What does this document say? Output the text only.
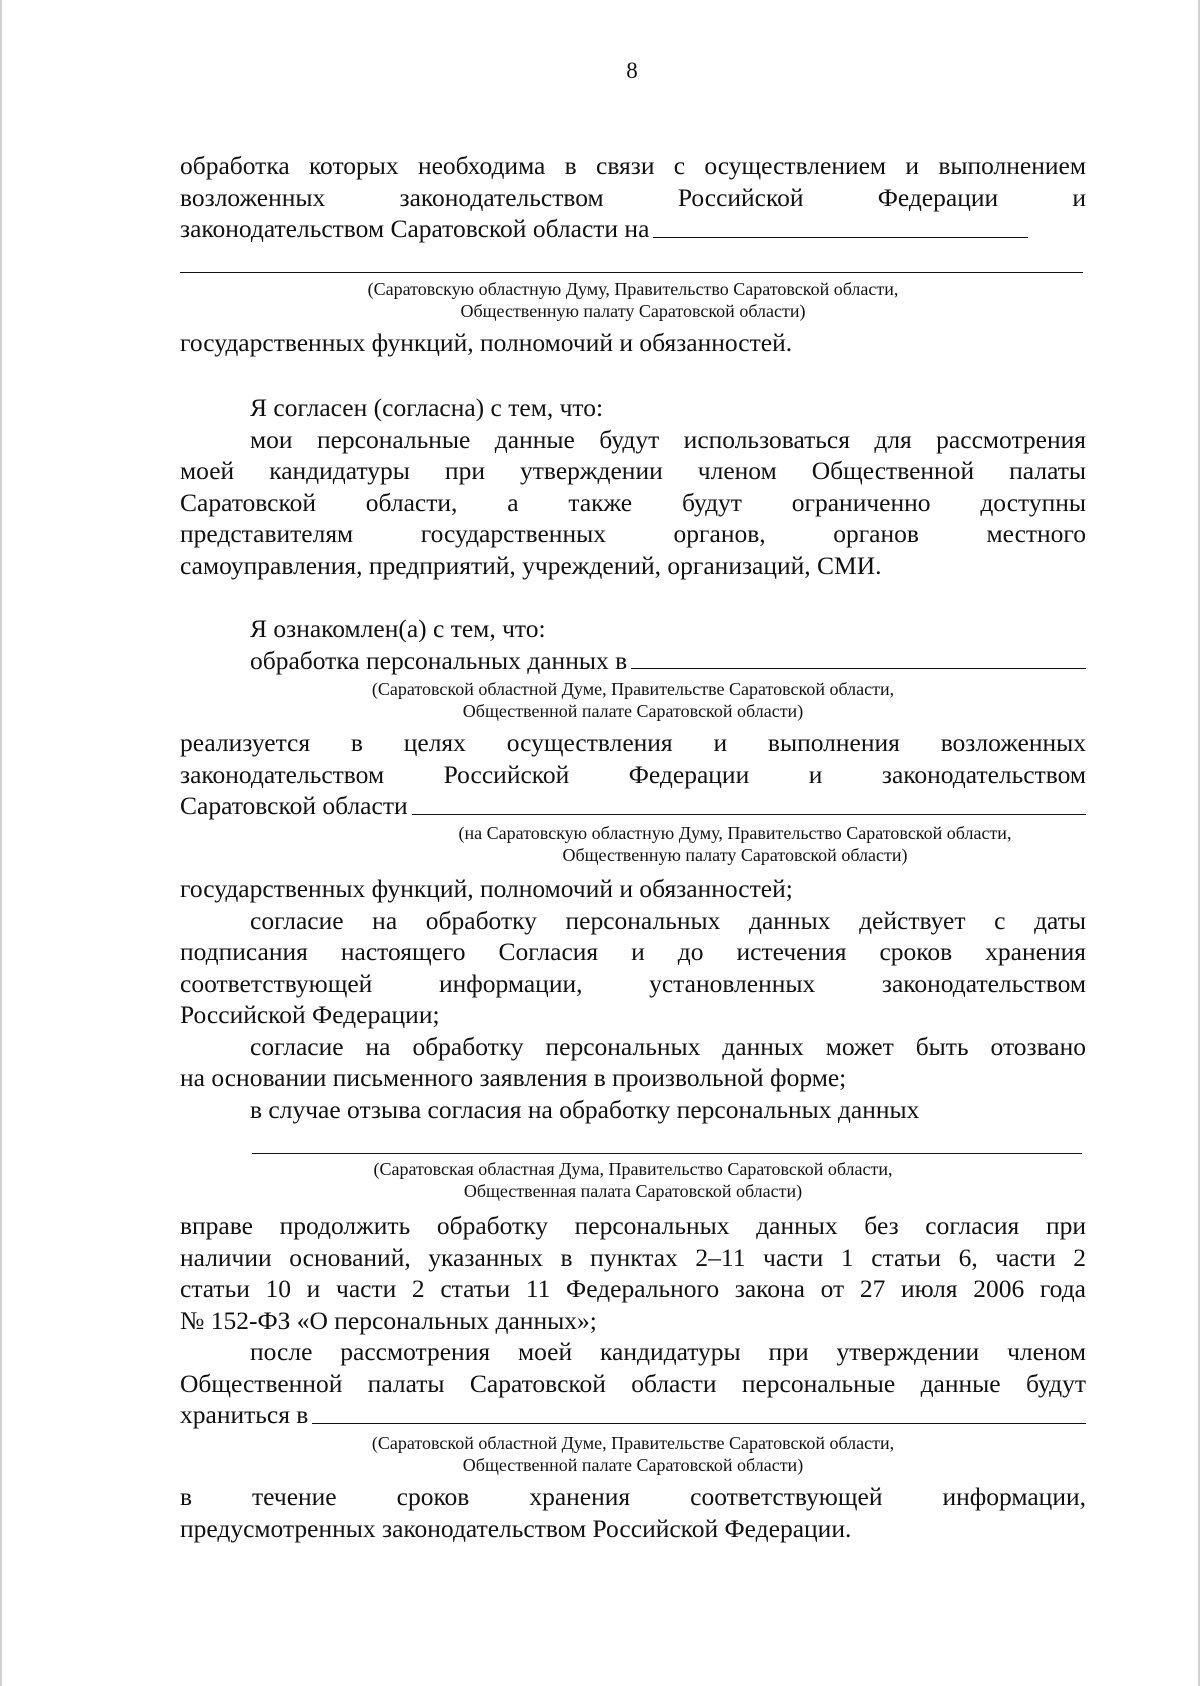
8
обработка которых необходима в связи с осуществлением и выполнением
возложенных законодательством Российской Федерации и
законодательством Саратовской области на
(Саратовскую областную Думу, Правительство Саратовской области,
Общественную палату Саратовской области)
государственных функций, полномочий и обязанностей.
Я согласен (согласна) с тем, что:
мои персональные данные будут использоваться для рассмотрения
моей кандидатуры при утверждении членом Общественной палаты
Саратовской области, а также будут ограниченно доступны
представителям государственных органов, органов местного
самоуправления, предприятий, учреждений, организаций, СМИ.
Я ознакомлен(а) с тем, что:
обработка персональных данных в
(Саратовской областной Думе, Правительстве Саратовской области,
Общественной палате Саратовской области)
реализуется в целях осуществления и выполнения возложенных
законодательством Российской Федерации и законодательством
Саратовской области
(на Саратовскую областную Думу, Правительство Саратовской области,
Общественную палату Саратовской области)
государственных функций, полномочий и обязанностей;
согласие на обработку персональных данных действует с даты
подписания настоящего Согласия и до истечения сроков хранения
соответствующей информации, установленных законодательством
Российской Федерации;
согласие на обработку персональных данных может быть отозвано
на основании письменного заявления в произвольной форме;
в случае отзыва согласия на обработку персональных данных
(Саратовская областная Дума, Правительство Саратовской области,
Общественная палата Саратовской области)
вправе продолжить обработку персональных данных без согласия при
наличии оснований, указанных в пунктах 2–11 части 1 статьи 6, части 2
статьи 10 и части 2 статьи 11 Федерального закона от 27 июля 2006 года
№ 152-ФЗ «О персональных данных»;
после рассмотрения моей кандидатуры при утверждении членом
Общественной палаты Саратовской области персональные данные будут
храниться в
(Саратовской областной Думе, Правительстве Саратовской области,
Общественной палате Саратовской области)
в течение сроков хранения соответствующей информации,
предусмотренных законодательством Российской Федерации.
